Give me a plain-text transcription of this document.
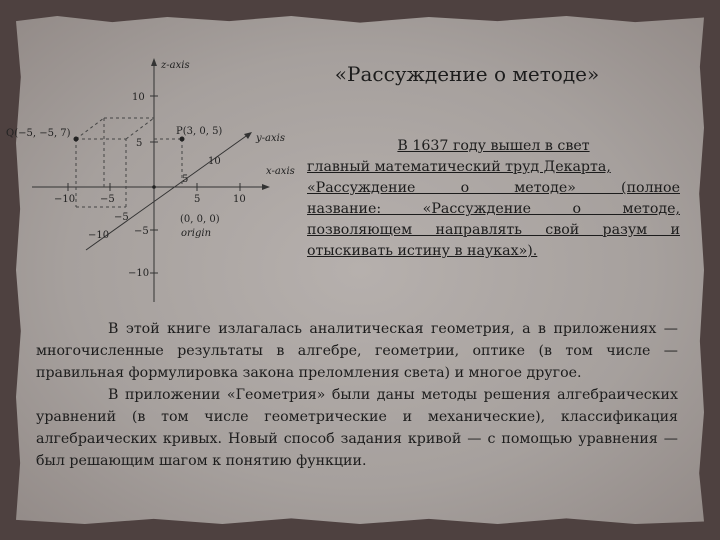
10
5
−5
−10
10
5
−5
−10
10
5
−5
−10
z-axis
y-axis
x-axis
Q(−5, −5, 7)	P(3, 0, 5)
(0, 0, 0)
origin
«Рассуждение о методе»
В 1637 году вышел в свет
главный математический труд Декарта,
«Рассуждение о методе» (полное
название: «Рассуждение о методе,
позволяющем направлять свой разум и
отыскивать истину в науках»).

В этой книге излагалась аналитическая геометрия, а в приложениях — многочисленные результаты в алгебре, геометрии, оптике (в том числе — правильная формулировка закона преломления света) и многое другое.

В приложении «Геометрия» были даны методы решения алгебраических уравнений (в том числе геометрические и механические), классификация алгебраических кривых. Новый способ задания кривой — с помощью уравнения — был решающим шагом к понятию функции.
